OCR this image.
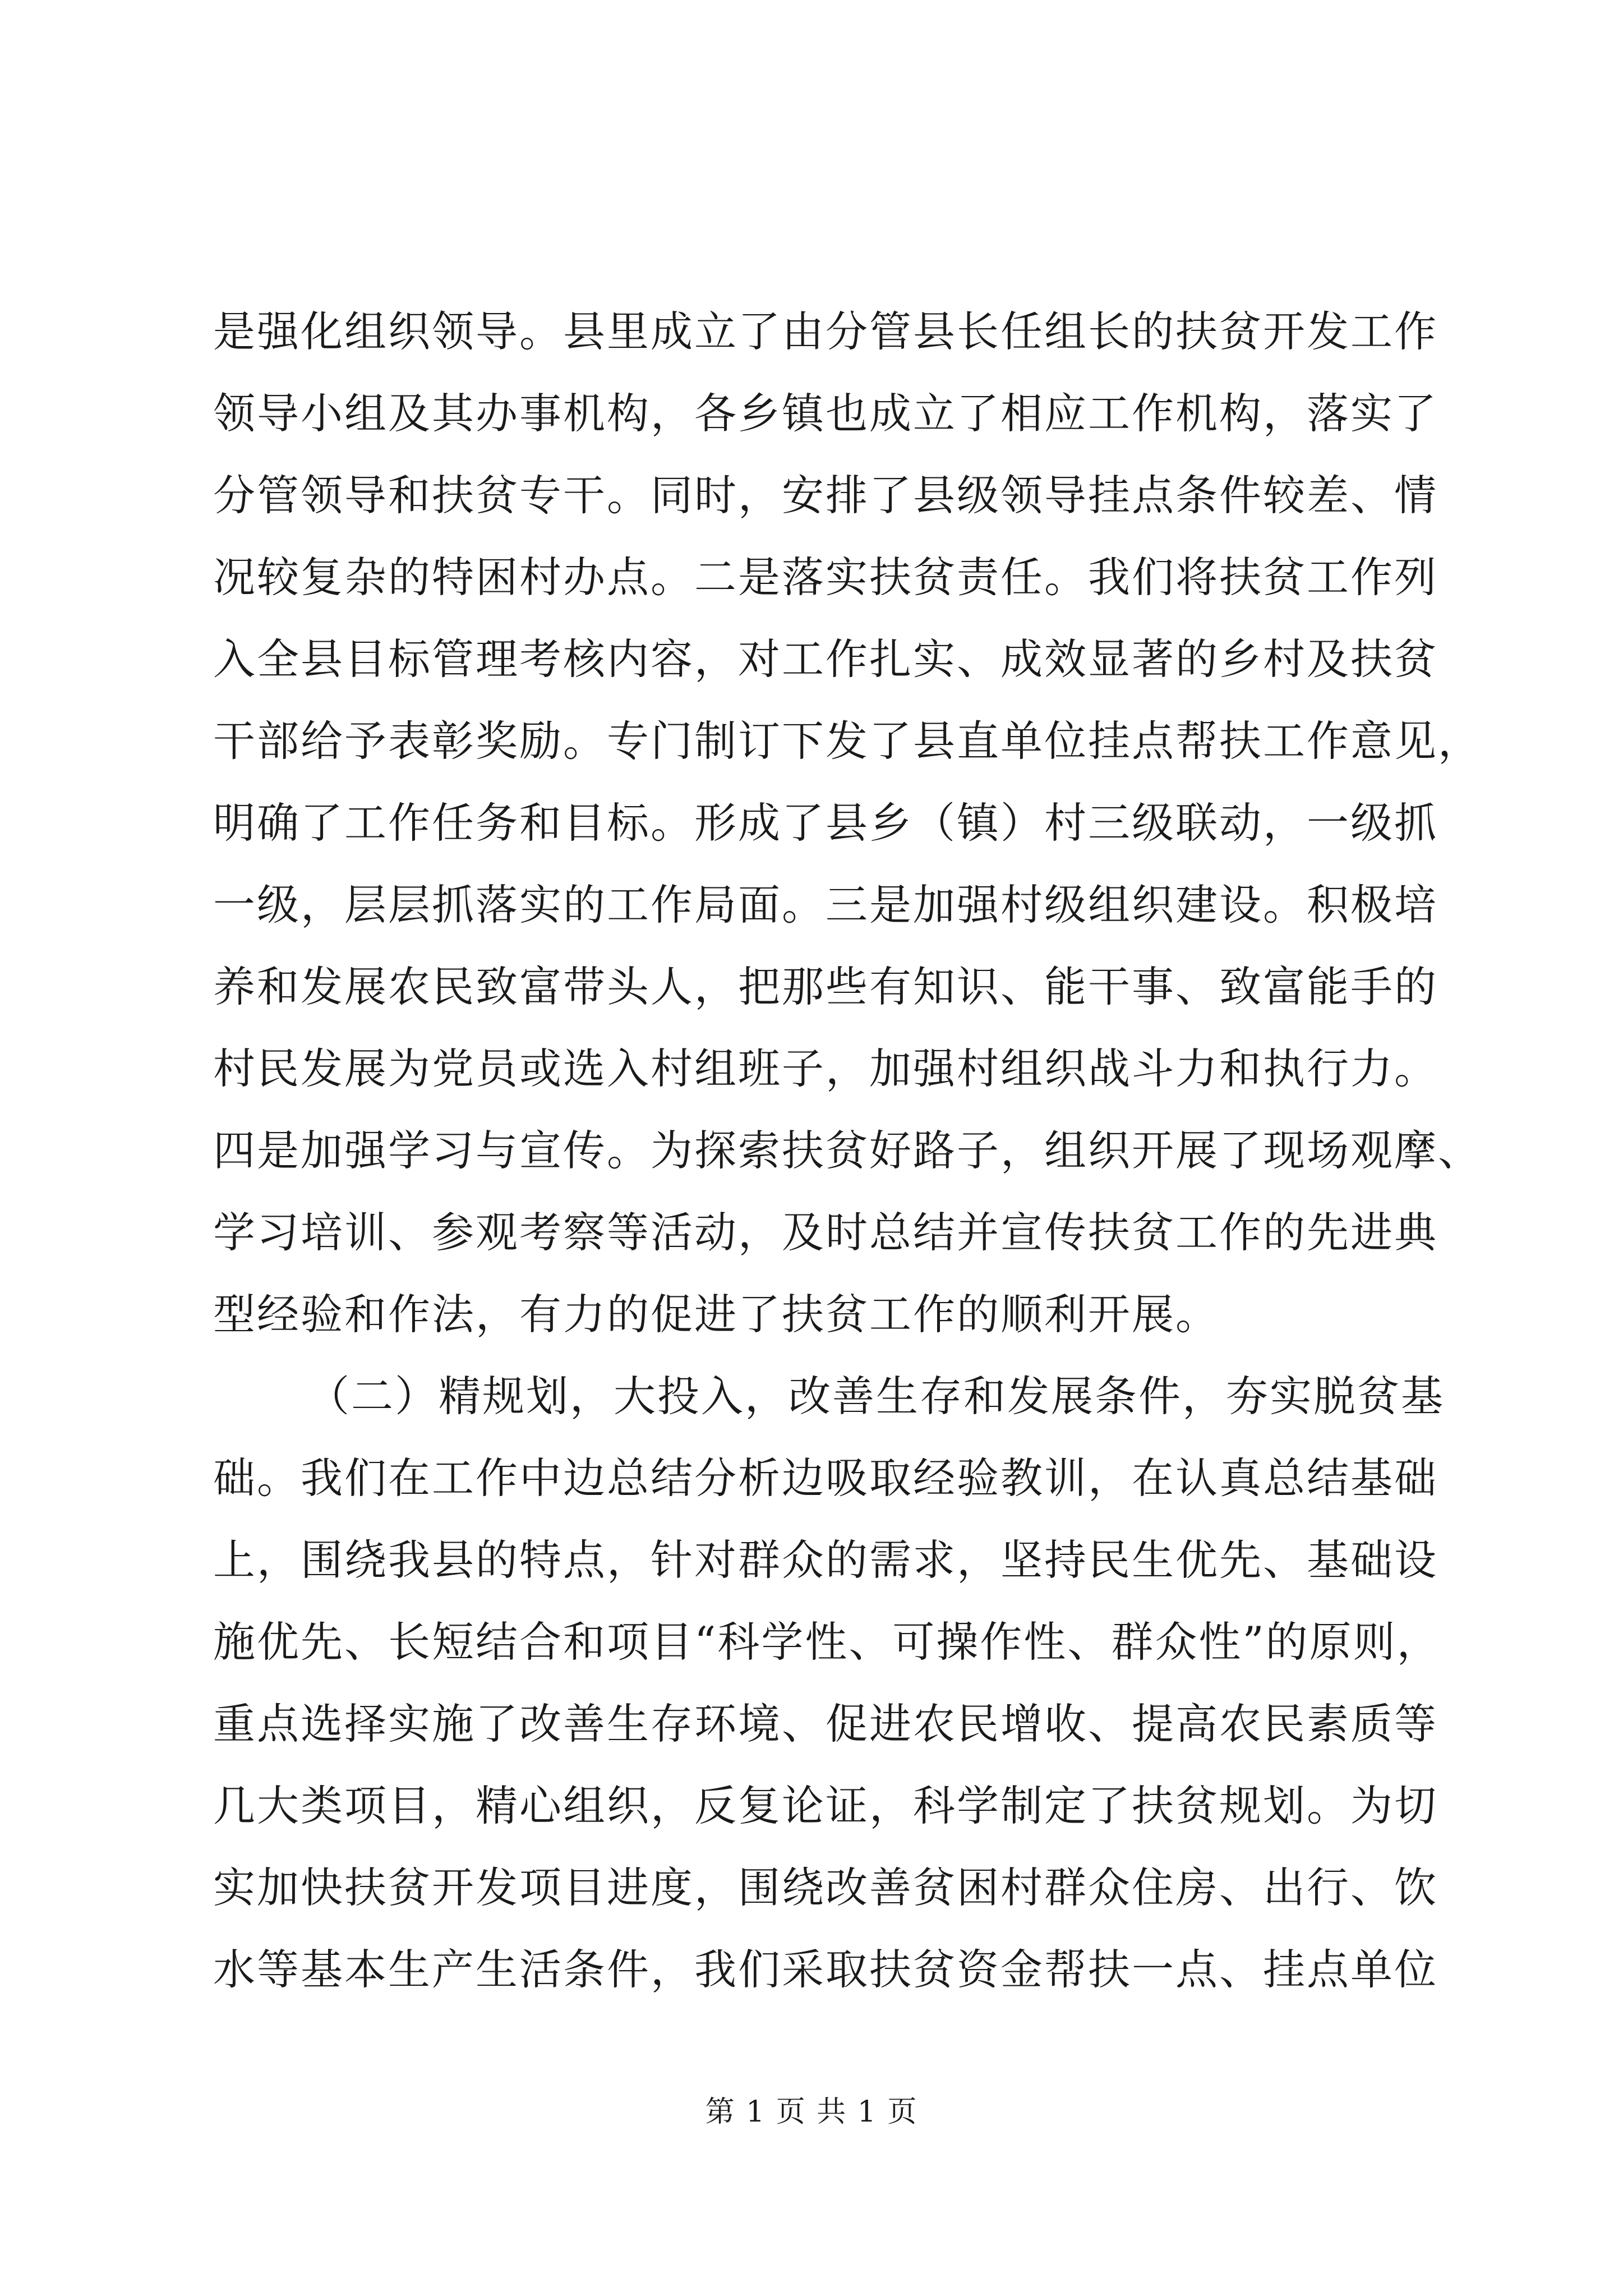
是强化组织领导。县里成立了由分管县长任组长的扶贫开发工作
领导小组及其办事机构，各乡镇也成立了相应工作机构，落实了
分管领导和扶贫专干。同时，安排了县级领导挂点条件较差、情
况较复杂的特困村办点。二是落实扶贫责任。我们将扶贫工作列
入全县目标管理考核内容，对工作扎实、成效显著的乡村及扶贫
干部给予表彰奖励。专门制订下发了县直单位挂点帮扶工作意见，
明确了工作任务和目标。形成了县乡（镇）村三级联动，一级抓
一级，层层抓落实的工作局面。三是加强村级组织建设。积极培
养和发展农民致富带头人，把那些有知识、能干事、致富能手的
村民发展为党员或选入村组班子，加强村组织战斗力和执行力。
四是加强学习与宣传。为探索扶贫好路子，组织开展了现场观摩、
学习培训、参观考察等活动，及时总结并宣传扶贫工作的先进典
型经验和作法，有力的促进了扶贫工作的顺利开展。
（二）精规划，大投入，改善生存和发展条件，夯实脱贫基
础。我们在工作中边总结分析边吸取经验教训，在认真总结基础
上，围绕我县的特点，针对群众的需求，坚持民生优先、基础设
施优先、长短结合和项目“科学性、可操作性、群众性”的原则，
重点选择实施了改善生存环境、促进农民增收、提高农民素质等
几大类项目，精心组织，反复论证，科学制定了扶贫规划。为切
实加快扶贫开发项目进度，围绕改善贫困村群众住房、出行、饮
水等基本生产生活条件，我们采取扶贫资金帮扶一点、挂点单位
第 1 页 共 1 页
